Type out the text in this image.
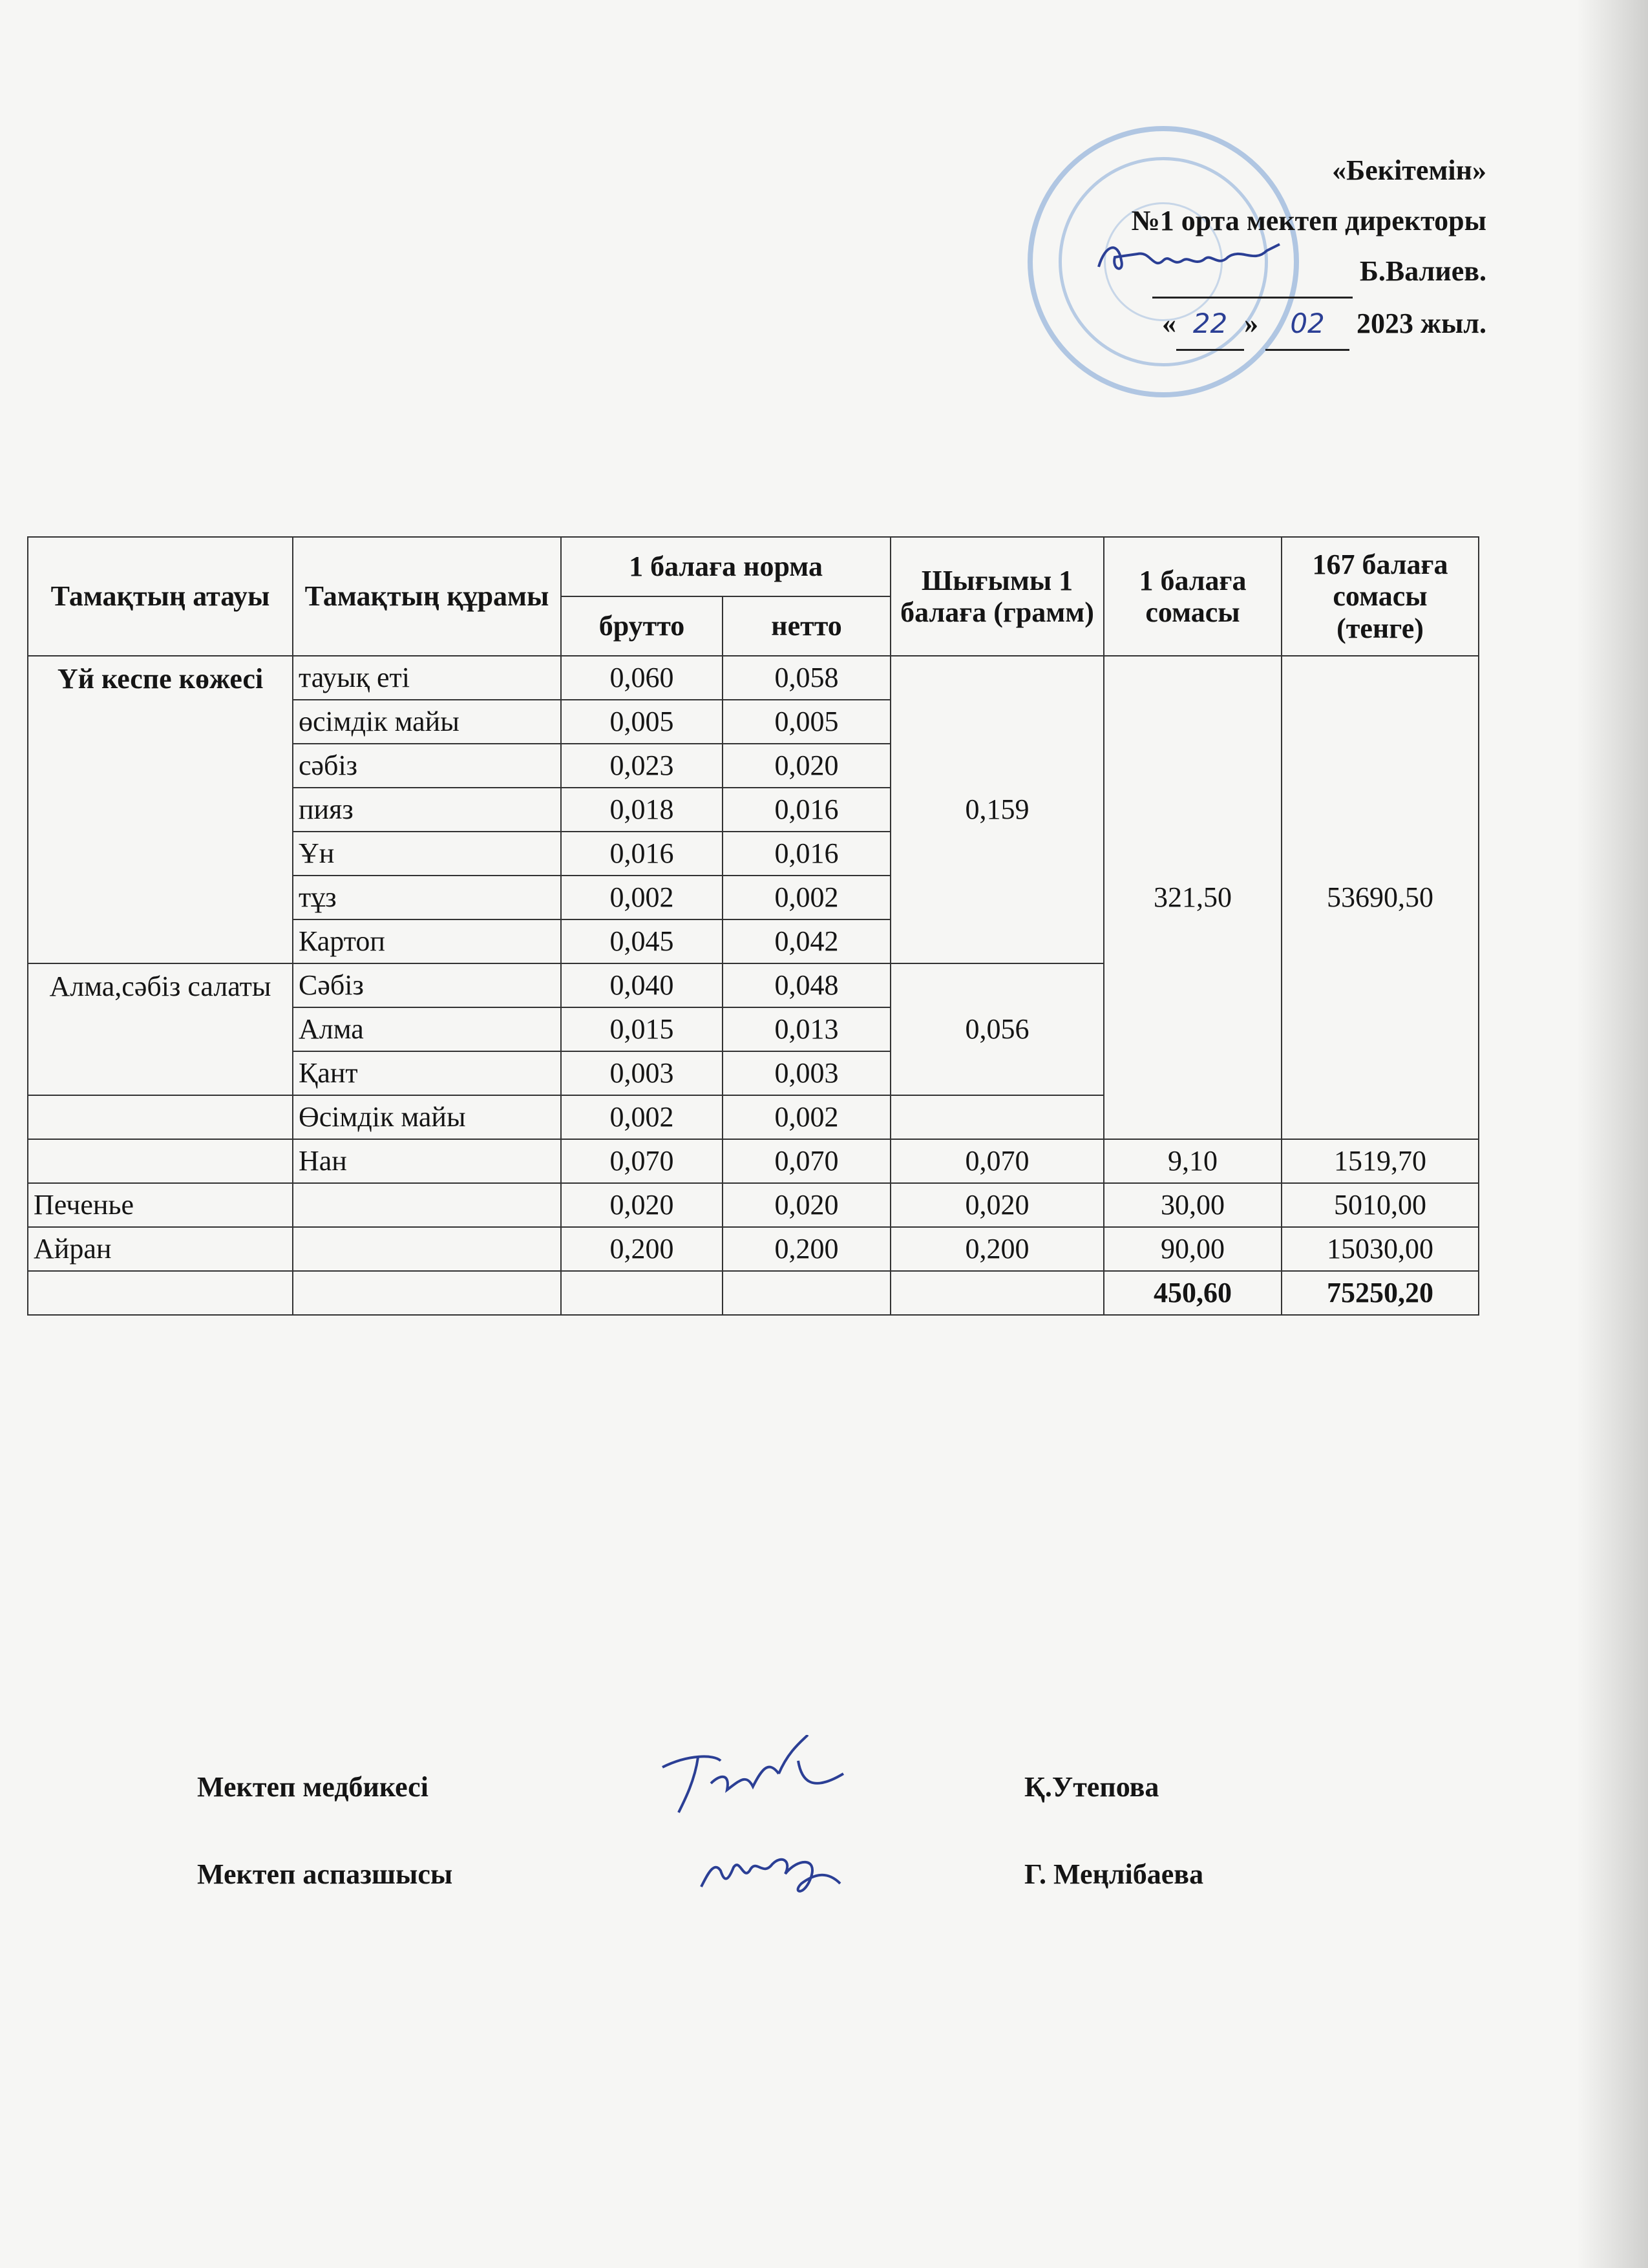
«Бекітемін»
№1 орта мектеп директоры
Б.Валиев.
« 22 » 02 2023 жыл.
Тамақтың атауы	Тамақтың құрамы	1 балаға норма		Шығымы 1 балаға (грамм)	1 балаға сомасы	167 балаға сомасы (тенге)
		брутто	нетто			
Үй кеспе көжесі	тауық еті	0,060	0,058	0,159	321,50	53690,50
	өсімдік майы	0,005	0,005			
	сәбіз	0,023	0,020			
	пияз	0,018	0,016			
	Ұн	0,016	0,016			
	тұз	0,002	0,002			
	Картоп	0,045	0,042			
Алма,сәбіз салаты	Сәбіз	0,040	0,048	0,056		
	Алма	0,015	0,013			
	Қант	0,003	0,003			
	Өсімдік майы	0,002	0,002			
	Нан	0,070	0,070	0,070	9,10	1519,70
Печенье		0,020	0,020	0,020	30,00	5010,00
Айран		0,200	0,200	0,200	90,00	15030,00
					450,60	75250,20
Мектеп медбикесі	Қ.Утепова
Мектеп аспазшысы	Г. Меңлібаева
